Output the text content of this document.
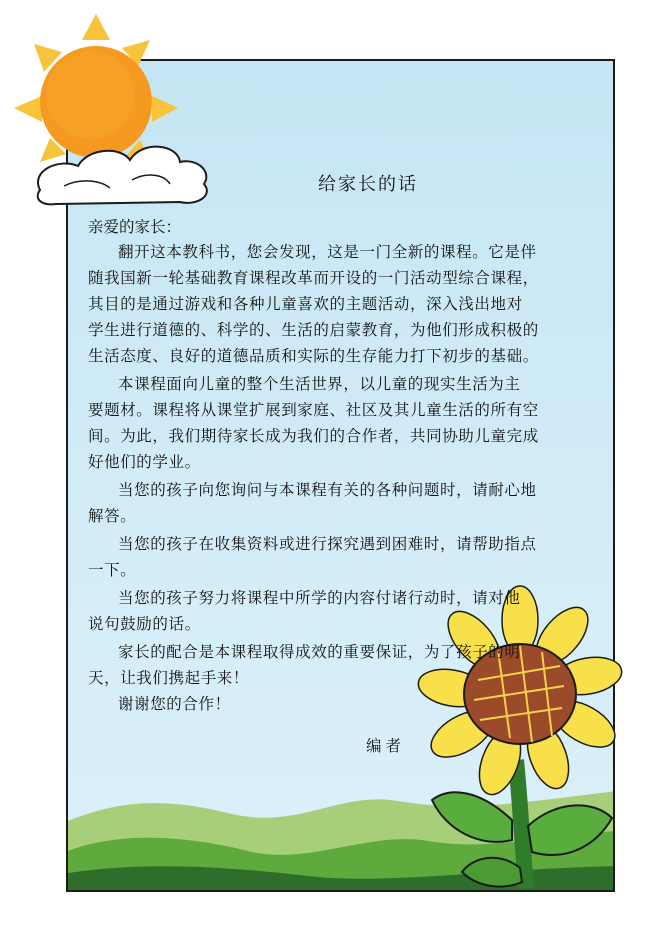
给家长的话
亲爱的家长：
翻开这本教科书，您会发现，这是一门全新的课程。它是伴
随我国新一轮基础教育课程改革而开设的一门活动型综合课程，
其目的是通过游戏和各种儿童喜欢的主题活动，深入浅出地对
学生进行道德的、科学的、生活的启蒙教育，为他们形成积极的
生活态度、良好的道德品质和实际的生存能力打下初步的基础。
本课程面向儿童的整个生活世界，以儿童的现实生活为主
要题材。课程将从课堂扩展到家庭、社区及其儿童生活的所有空
间。为此，我们期待家长成为我们的合作者，共同协助儿童完成
好他们的学业。
当您的孩子向您询问与本课程有关的各种问题时，请耐心地
解答。
当您的孩子在收集资料或进行探究遇到困难时，请帮助指点
一下。
当您的孩子努力将课程中所学的内容付诸行动时，请对他
说句鼓励的话。
家长的配合是本课程取得成效的重要保证，为了孩子的明
天，让我们携起手来！
谢谢您的合作！
编者
